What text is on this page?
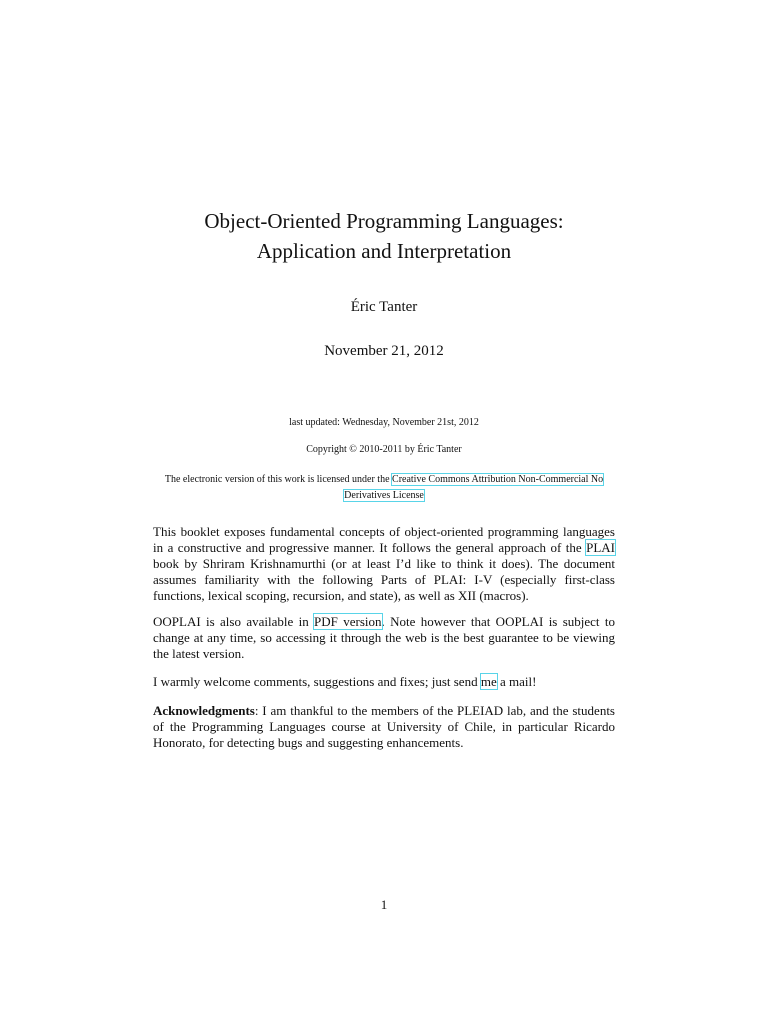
Object-Oriented Programming Languages:
Application and Interpretation
Éric Tanter
November 21, 2012
last updated: Wednesday, November 21st, 2012
Copyright © 2010-2011 by Éric Tanter
The electronic version of this work is licensed under the Creative Commons Attribution Non-Commercial No Derivatives License

This booklet exposes fundamental concepts of object-oriented programming languages in a constructive and progressive manner. It follows the general approach of the PLAI book by Shriram Krishnamurthi (or at least I’d like to think it does). The document assumes familiarity with the following Parts of PLAI: I-V (especially first-class functions, lexical scoping, recursion, and state), as well as XII (macros).

OOPLAI is also available in PDF version. Note however that OOPLAI is subject to change at any time, so accessing it through the web is the best guarantee to be viewing the latest version.

I warmly welcome comments, suggestions and fixes; just send me a mail!

Acknowledgments: I am thankful to the members of the PLEIAD lab, and the students of the Programming Languages course at University of Chile, in particular Ricardo Honorato, for detecting bugs and suggesting enhancements.

1
